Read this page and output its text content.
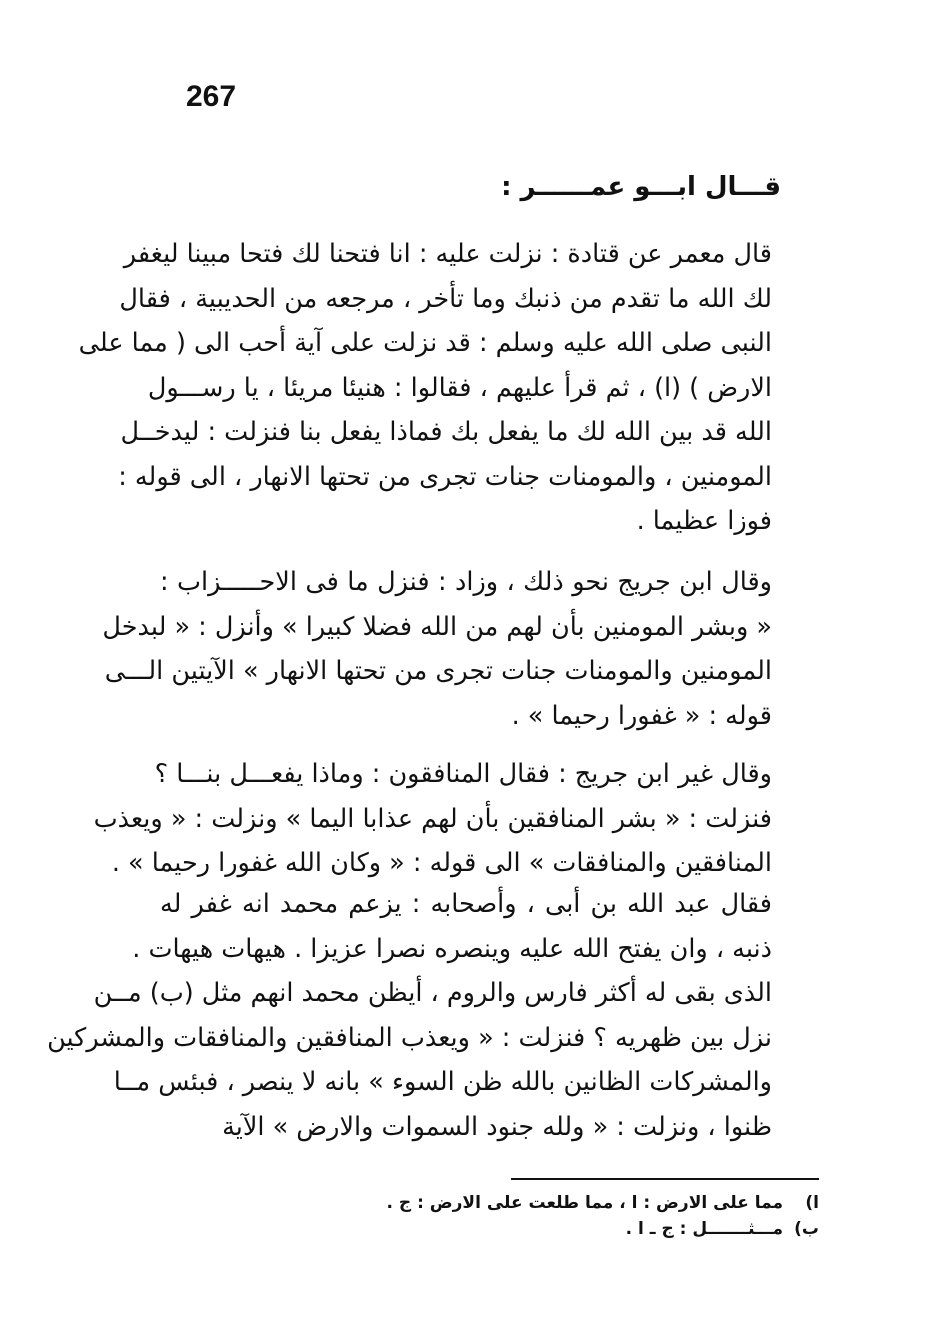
267
قـــال ابـــو عمــــــر :

قال معمر عن قتادة : نزلت عليه : انا فتحنا لك فتحا مبينا ليغفر
لك الله ما تقدم من ذنبك وما تأخر ، مرجعه من الحديبية ، فقال
النبى صلى الله عليه وسلم : قد نزلت على آية أحب الى ( مما على
الارض ) (ا) ، ثم قرأ عليهم ، فقالوا : هنيئا مريئا ، يا رســـول
الله قد بين الله لك ما يفعل بك فماذا يفعل بنا فنزلت : ليدخــل
المومنين ، والمومنات جنات تجرى من تحتها الانهار ، الى قوله :
فوزا عظيما .

وقال ابن جريج نحو ذلك ، وزاد : فنزل ما فى الاحـــــزاب :
« وبشر المومنين بأن لهم من الله فضلا كبيرا » وأنزل : « لبدخل
المومنين والمومنات جنات تجرى من تحتها الانهار » الآيتين الـــى
قوله : « غفورا رحيما » .

وقال غير ابن جريج : فقال المنافقون : وماذا يفعـــل بنـــا ؟
فنزلت : « بشر المنافقين بأن لهم عذابا اليما » ونزلت : « ويعذب
المنافقين والمنافقات » الى قوله : « وكان الله غفورا رحيما » .

فقال عبد الله بن أبى ، وأصحابه : يزعم محمد انه غفر له
ذنبه ، وان يفتح الله عليه وينصره نصرا عزيزا . هيهات هيهات .
الذى بقى له أكثر فارس والروم ، أيظن محمد انهم مثل (ب) مــن
نزل بين ظهريه ؟ فنزلت : « ويعذب المنافقين والمنافقات والمشركين
والمشركات الظانين بالله ظن السوء » بانه لا ينصر ، فبئس مــا
ظنوا ، ونزلت : « ولله جنود السموات والارض » الآية

ا) مما على الارض : ا ، مما طلعت على الارض : ج .
ب) مـــثـــــــل : ج ـ ا .
